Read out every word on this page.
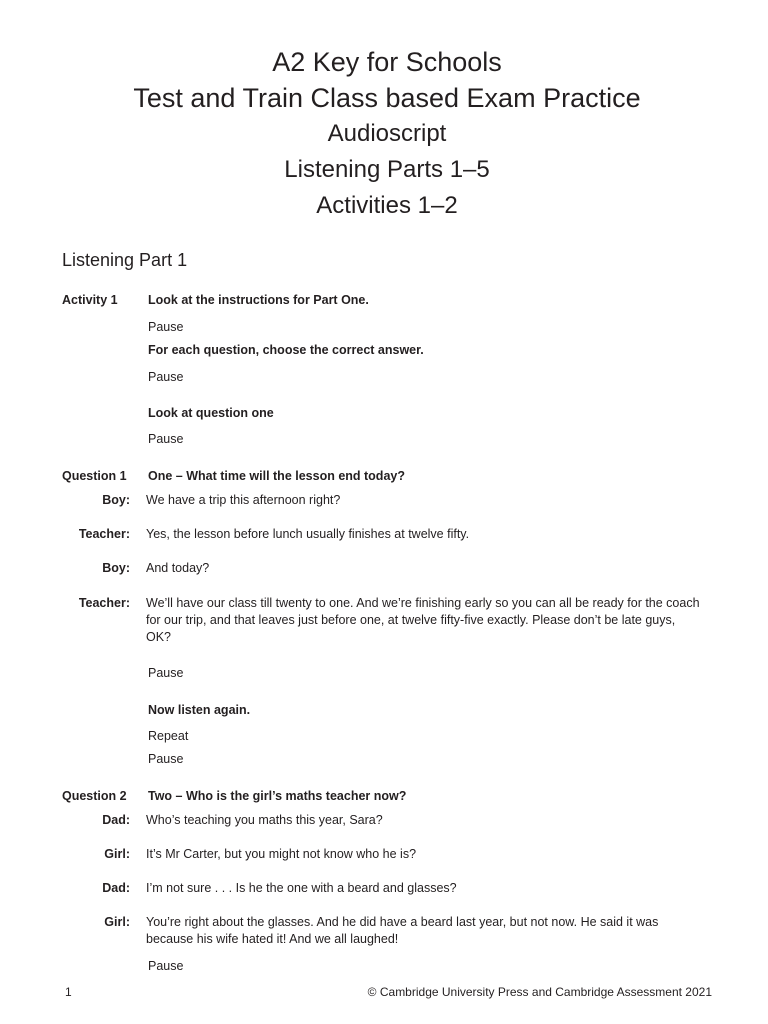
A2 Key for Schools
Test and Train Class based Exam Practice
Audioscript
Listening Parts 1–5
Activities 1–2
Listening Part 1
Activity 1 Look at the instructions for Part One.
Pause
For each question, choose the correct answer.
Pause
Look at question one
Pause
Question 1 One – What time will the lesson end today?
Boy: We have a trip this afternoon right?
Teacher: Yes, the lesson before lunch usually finishes at twelve fifty.
Boy: And today?
Teacher: We’ll have our class till twenty to one. And we’re finishing early so you can all be ready for the coach for our trip, and that leaves just before one, at twelve fifty-five exactly. Please don’t be late guys, OK?
Pause
Now listen again.
Repeat
Pause
Question 2 Two – Who is the girl’s maths teacher now?
Dad: Who’s teaching you maths this year, Sara?
Girl: It’s Mr Carter, but you might not know who he is?
Dad: I’m not sure . . . Is he the one with a beard and glasses?
Girl: You’re right about the glasses. And he did have a beard last year, but not now. He said it was because his wife hated it! And we all laughed!
Pause
1	© Cambridge University Press and Cambridge Assessment 2021
